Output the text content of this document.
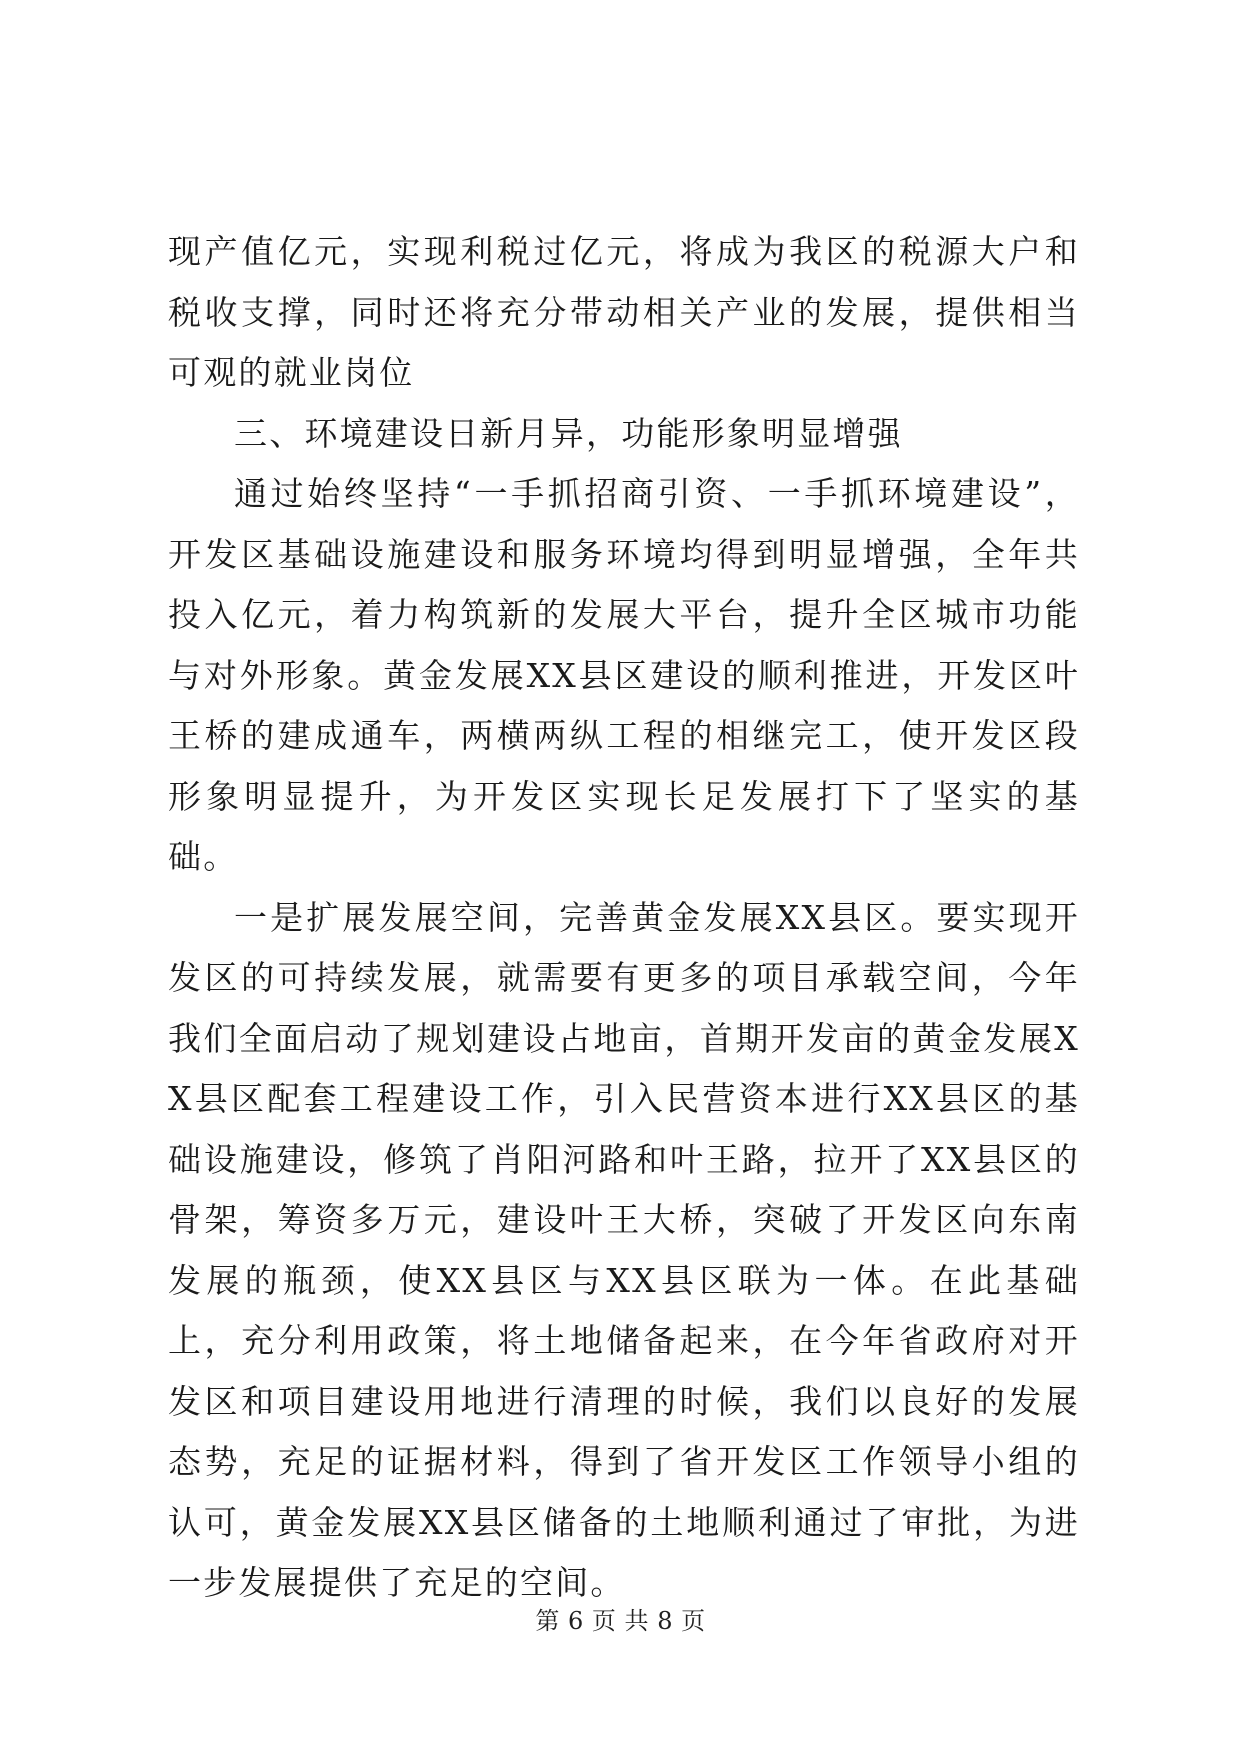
现产值亿元，实现利税过亿元，将成为我区的税源大户和税收支撑，同时还将充分带动相关产业的发展，提供相当可观的就业岗位

三、环境建设日新月异，功能形象明显增强

通过始终坚持“一手抓招商引资、一手抓环境建设”，开发区基础设施建设和服务环境均得到明显增强，全年共投入亿元，着力构筑新的发展大平台，提升全区城市功能与对外形象。黄金发展XX县区建设的顺利推进，开发区叶王桥的建成通车，两横两纵工程的相继完工，使开发区段形象明显提升，为开发区实现长足发展打下了坚实的基础。

一是扩展发展空间，完善黄金发展XX县区。要实现开发区的可持续发展，就需要有更多的项目承载空间，今年我们全面启动了规划建设占地亩，首期开发亩的黄金发展XX县区配套工程建设工作，引入民营资本进行XX县区的基础设施建设，修筑了肖阳河路和叶王路，拉开了XX县区的骨架，筹资多万元，建设叶王大桥，突破了开发区向东南发展的瓶颈，使XX县区与XX县区联为一体。在此基础上，充分利用政策，将土地储备起来，在今年省政府对开发区和项目建设用地进行清理的时候，我们以良好的发展态势，充足的证据材料，得到了省开发区工作领导小组的认可，黄金发展XX县区储备的土地顺利通过了审批，为进一步发展提供了充足的空间。

第 6 页 共 8 页
